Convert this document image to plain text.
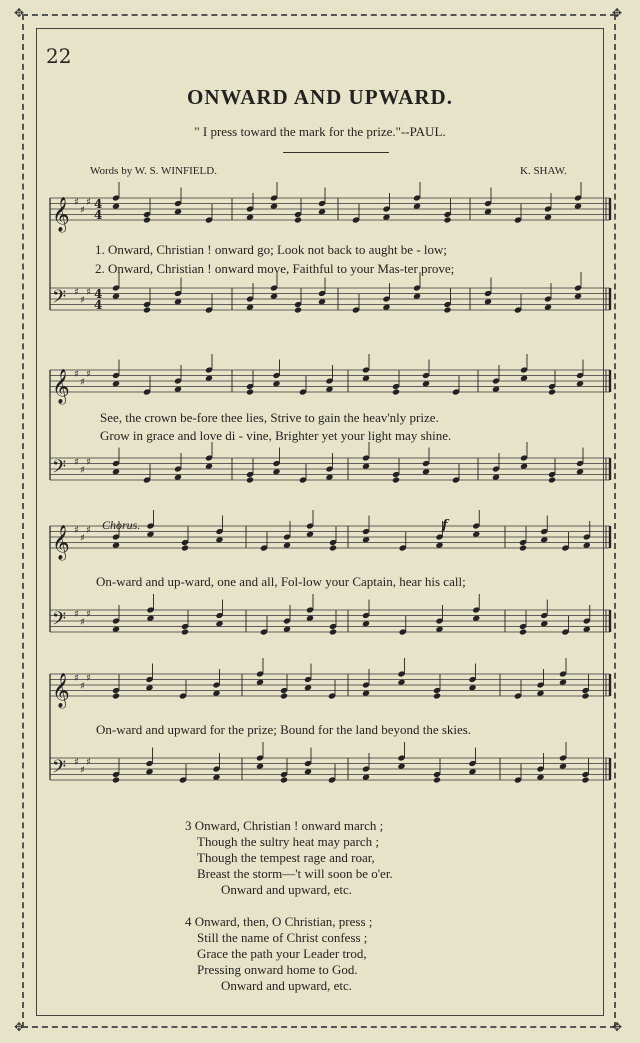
✥	✥
✥	✥
22
ONWARD AND UPWARD.
" I press toward the mark for the prize."--PAUL.
Words by W. S. WINFIELD.	K. SHAW.
𝄞 ♯
♯
♯
𝄢 ♯
♯
♯
𝄞 ♯
♯
♯
𝄢 ♯
♯
♯
𝄞 ♯
♯
♯
𝄢 ♯
♯
♯
𝄞 ♯
♯
♯
𝄢 ♯
♯
♯
4
4
4
4
1. Onward, Christian ! onward go; Look not back to aught be - low;
2. Onward, Christian ! onward move, Faithful to your Mas-ter prove;
See, the crown be-fore thee lies, Strive to gain the heav'nly prize.
Grow in grace and love di - vine, Brighter yet your light may shine.
Chorus.	f
On-ward and up-ward, one and all, Fol-low your Captain, hear his call;
On-ward and upward for the prize; Bound for the land beyond the skies.
3 Onward, Christian ! onward march ;
Though the sultry heat may parch ;
Though the tempest rage and roar,
Breast the storm—'t will soon be o'er.
Onward and upward, etc.
4 Onward, then, O Christian, press ;
Still the name of Christ confess ;
Grace the path your Leader trod,
Pressing onward home to God.
Onward and upward, etc.
